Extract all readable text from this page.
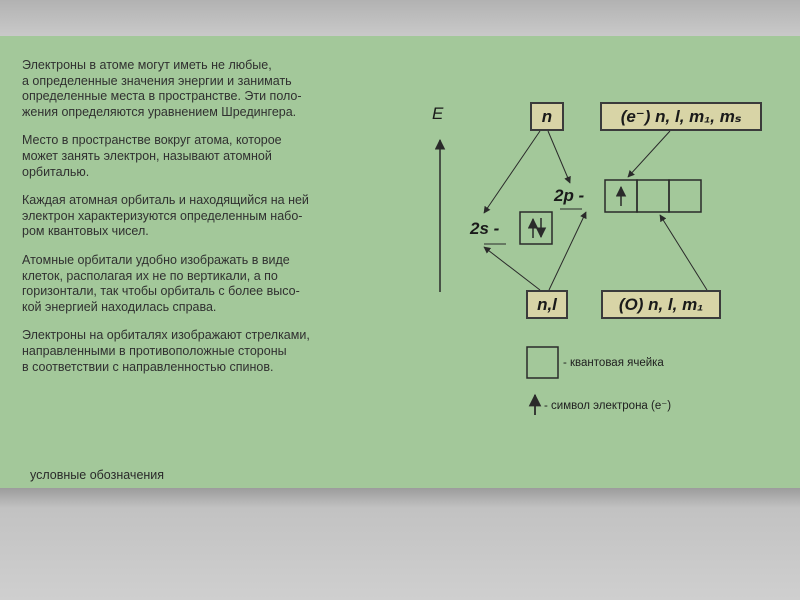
Электроны в атоме могут иметь не любые,
а определенные значения энергии и занимать
определенные места в пространстве. Эти поло-
жения определяются уравнением Шредингера.

Место в пространстве вокруг атома, которое
может занять электрон, называют атомной
орбиталью.

Каждая атомная орбиталь и находящийся на ней
электрон характеризуются определенным набо-
ром квантовых чисел.

Атомные орбитали удобно изображать в виде
клеток, располагая их не по вертикали, а по
горизонтали, так чтобы орбиталь с более высо-
кой энергией находилась справа.

Электроны на орбиталях изображают стрелками,
направленными в противоположные стороны
в соответствии с направленностью спинов.

условные обозначения
E	n	(e⁻) n, l, m₁, mₛ
n,l	(O) n, l, m₁
2s -
2p -
- квантовая ячейка
- символ электрона (e⁻)
